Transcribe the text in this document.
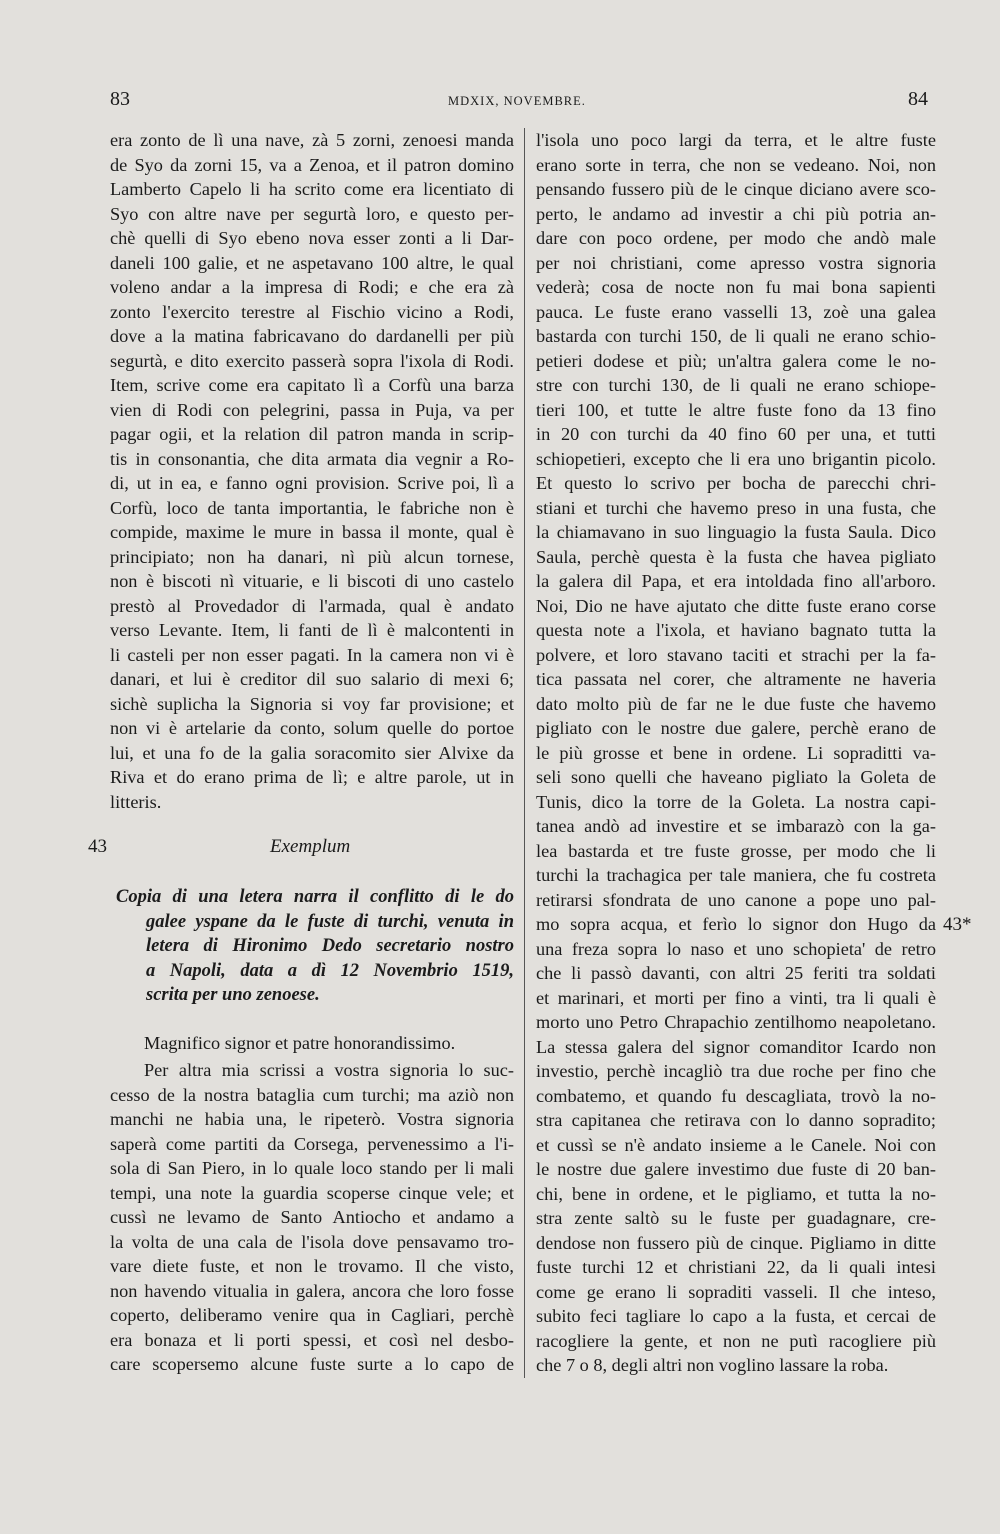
83	MDXIX, NOVEMBRE.	84
era zonto de lì una nave, zà 5 zorni, zenoesi manda
de Syo da zorni 15, va a Zenoa, et il patron domino
Lamberto Capelo li ha scrito come era licentiato di
Syo con altre nave per segurtà loro, e questo per-
chè quelli di Syo ebeno nova esser zonti a li Dar-
daneli 100 galie, et ne aspetavano 100 altre, le qual
voleno andar a la impresa di Rodi; e che era zà
zonto l'exercito terestre al Fischio vicino a Rodi,
dove a la matina fabricavano do dardanelli per più
segurtà, e dito exercito passerà sopra l'ixola di Rodi.
Item, scrive come era capitato lì a Corfù una barza
vien di Rodi con pelegrini, passa in Puja, va per
pagar ogii, et la relation dil patron manda in scrip-
tis in consonantia, che dita armata dia vegnir a Ro-
di, ut in ea, e fanno ogni provision. Scrive poi, lì a
Corfù, loco de tanta importantia, le fabriche non è
compide, maxime le mure in bassa il monte, qual è
principiato; non ha danari, nì più alcun tornese,
non è biscoti nì vituarie, e li biscoti di uno castelo
prestò al Provedador di l'armada, qual è andato
verso Levante. Item, li fanti de lì è malcontenti in
li casteli per non esser pagati. In la camera non vi è
danari, et lui è creditor dil suo salario di mexi 6;
sichè suplicha la Signoria si voy far provisione; et
non vi è artelarie da conto, solum quelle do portoe
lui, et una fo de la galia soracomito sier Alvixe da
Riva et do erano prima de lì; e altre parole, ut in
litteris.
43	Exemplum
Copia di una letera narra il conflitto di le do
galee yspane da le fuste di turchi, venuta in
letera di Hironimo Dedo secretario nostro
a Napoli, data a dì 12 Novembrio 1519,
scrita per uno zenoese.
Magnifico signor et patre honorandissimo.
Per altra mia scrissi a vostra signoria lo suc-
cesso de la nostra bataglia cum turchi; ma aziò non
manchi ne habia una, le ripeterò. Vostra signoria
saperà come partiti da Corsega, pervenessimo a l'i-
sola di San Piero, in lo quale loco stando per li mali
tempi, una note la guardia scoperse cinque vele; et
cussì ne levamo de Santo Antiocho et andamo a
la volta de una cala de l'isola dove pensavamo tro-
vare diete fuste, et non le trovamo. Il che visto,
non havendo vitualia in galera, ancora che loro fosse
coperto, deliberamo venire qua in Cagliari, perchè
era bonaza et li porti spessi, et così nel desbo-
care scopersemo alcune fuste surte a lo capo de
l'isola uno poco largi da terra, et le altre fuste
erano sorte in terra, che non se vedeano. Noi, non
pensando fussero più de le cinque diciano avere sco-
perto, le andamo ad investir a chi più potria an-
dare con poco ordene, per modo che andò male
per noi christiani, come apresso vostra signoria
vederà; cosa de nocte non fu mai bona sapienti
pauca. Le fuste erano vasselli 13, zoè una galea
bastarda con turchi 150, de li quali ne erano schio-
petieri dodese et più; un'altra galera come le no-
stre con turchi 130, de li quali ne erano schiope-
tieri 100, et tutte le altre fuste fono da 13 fino
in 20 con turchi da 40 fino 60 per una, et tutti
schiopetieri, excepto che li era uno brigantin picolo.
Et questo lo scrivo per bocha de parecchi chri-
stiani et turchi che havemo preso in una fusta, che
la chiamavano in suo linguagio la fusta Saula. Dico
Saula, perchè questa è la fusta che havea pigliato
la galera dil Papa, et era intoldada fino all'arboro.
Noi, Dio ne have ajutato che ditte fuste erano corse
questa note a l'ixola, et haviano bagnato tutta la
polvere, et loro stavano taciti et strachi per la fa-
tica passata nel corer, che altramente ne haveria
dato molto più de far ne le due fuste che havemo
pigliato con le nostre due galere, perchè erano de
le più grosse et bene in ordene. Li sopraditti va-
seli sono quelli che haveano pigliato la Goleta de
Tunis, dico la torre de la Goleta. La nostra capi-
tanea andò ad investire et se imbarazò con la ga-
lea bastarda et tre fuste grosse, per modo che li
turchi la trachagica per tale maniera, che fu costreta
retirarsi sfondrata de uno canone a pope uno pal-
mo sopra acqua, et ferìo lo signor don Hugo da
una freza sopra lo naso et uno schopieta' de retro
che li passò davanti, con altri 25 feriti tra soldati
et marinari, et morti per fino a vinti, tra li quali è
morto uno Petro Chrapachio zentilhomo neapoletano.
La stessa galera del signor comanditor Icardo non
investio, perchè incagliò tra due roche per fino che
combatemo, et quando fu descagliata, trovò la no-
stra capitanea che retirava con lo danno sopradito;
et cussì se n'è andato insieme a le Canele. Noi con
le nostre due galere investimo due fuste di 20 ban-
chi, bene in ordene, et le pigliamo, et tutta la no-
stra zente saltò su le fuste per guadagnare, cre-
dendose non fussero più de cinque. Pigliamo in ditte
fuste turchi 12 et christiani 22, da li quali intesi
come ge erano li sopraditi vasseli. Il che inteso,
subito feci tagliare lo capo a la fusta, et cercai de
racogliere la gente, et non ne putì racogliere più
che 7 o 8, degli altri non voglino lassare la roba.
43*
